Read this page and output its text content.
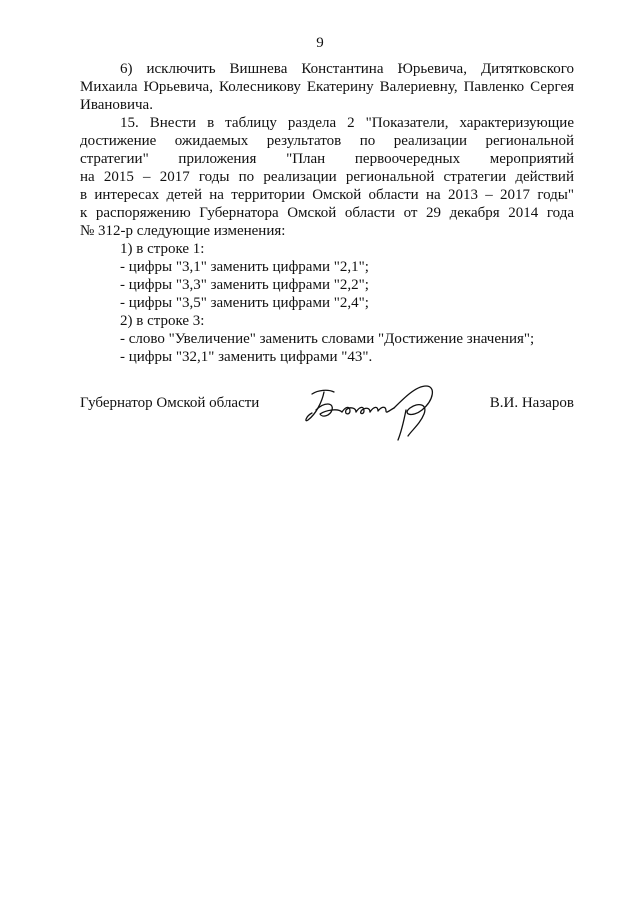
9

6) исключить Вишнева Константина Юрьевича, Дитятковского

Михаила Юрьевича, Колесникову Екатерину Валериевну, Павленко Сергея

Ивановича.

15. Внести в таблицу раздела 2 "Показатели, характеризующие

достижение ожидаемых результатов по реализации региональной

стратегии" приложения "План первоочередных мероприятий

на 2015 – 2017 годы по реализации региональной стратегии действий

в интересах детей на территории Омской области на 2013 – 2017 годы"

к распоряжению Губернатора Омской области от 29 декабря 2014 года

№ 312-р следующие изменения:

1) в строке 1:

- цифры "3,1" заменить цифрами "2,1";

- цифры "3,3" заменить цифрами "2,2";

- цифры "3,5" заменить цифрами "2,4";

2) в строке 3:

- слово "Увеличение" заменить словами "Достижение значения";

- цифры "32,1" заменить цифрами "43".

Губернатор Омской области	В.И. Назаров
